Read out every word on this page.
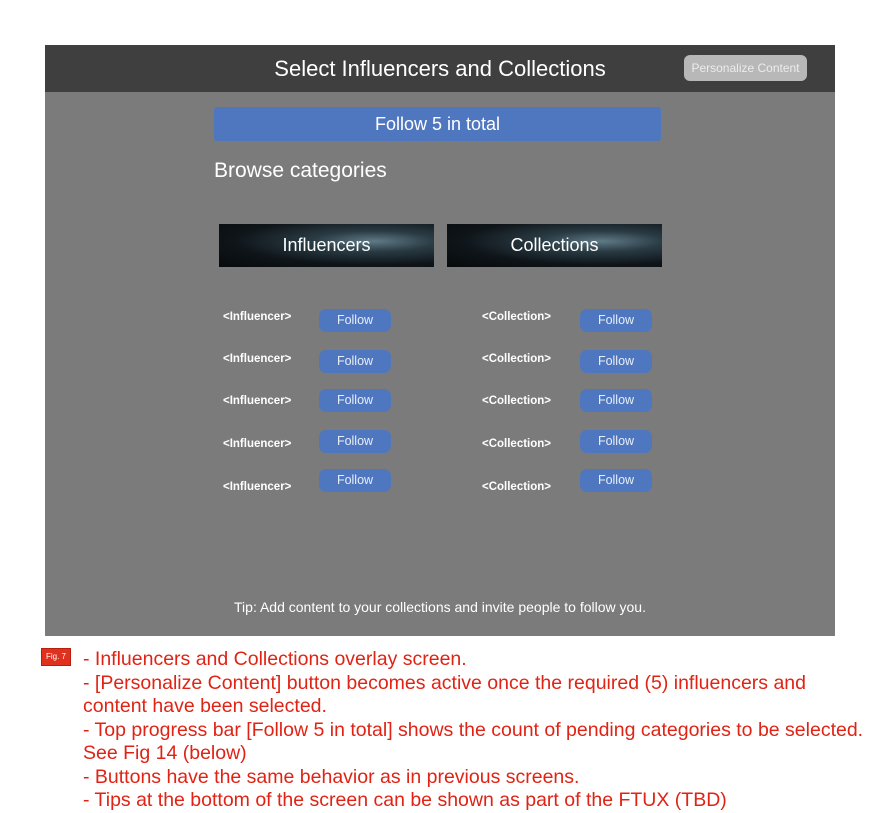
Select Influencers and Collections	Personalize Content
Follow 5 in total
Browse categories
Influencers	Collections
<Influencer>	Follow
<Influencer>	Follow
<Influencer>	Follow
<Influencer>	Follow
<Influencer>	Follow
<Collection>	Follow
<Collection>	Follow
<Collection>	Follow
<Collection>	Follow
<Collection>	Follow
Tip: Add content to your collections and invite people to follow you.
Fig. 7 - Influencers and Collections overlay screen.

- [Personalize Content] button becomes active once the required (5) influencers and content have been selected.

- Top progress bar [Follow 5 in total] shows the count of pending categories to be selected. See Fig 14 (below)

- Buttons have the same behavior as in previous screens.

- Tips at the bottom of the screen can be shown as part of the FTUX (TBD)
